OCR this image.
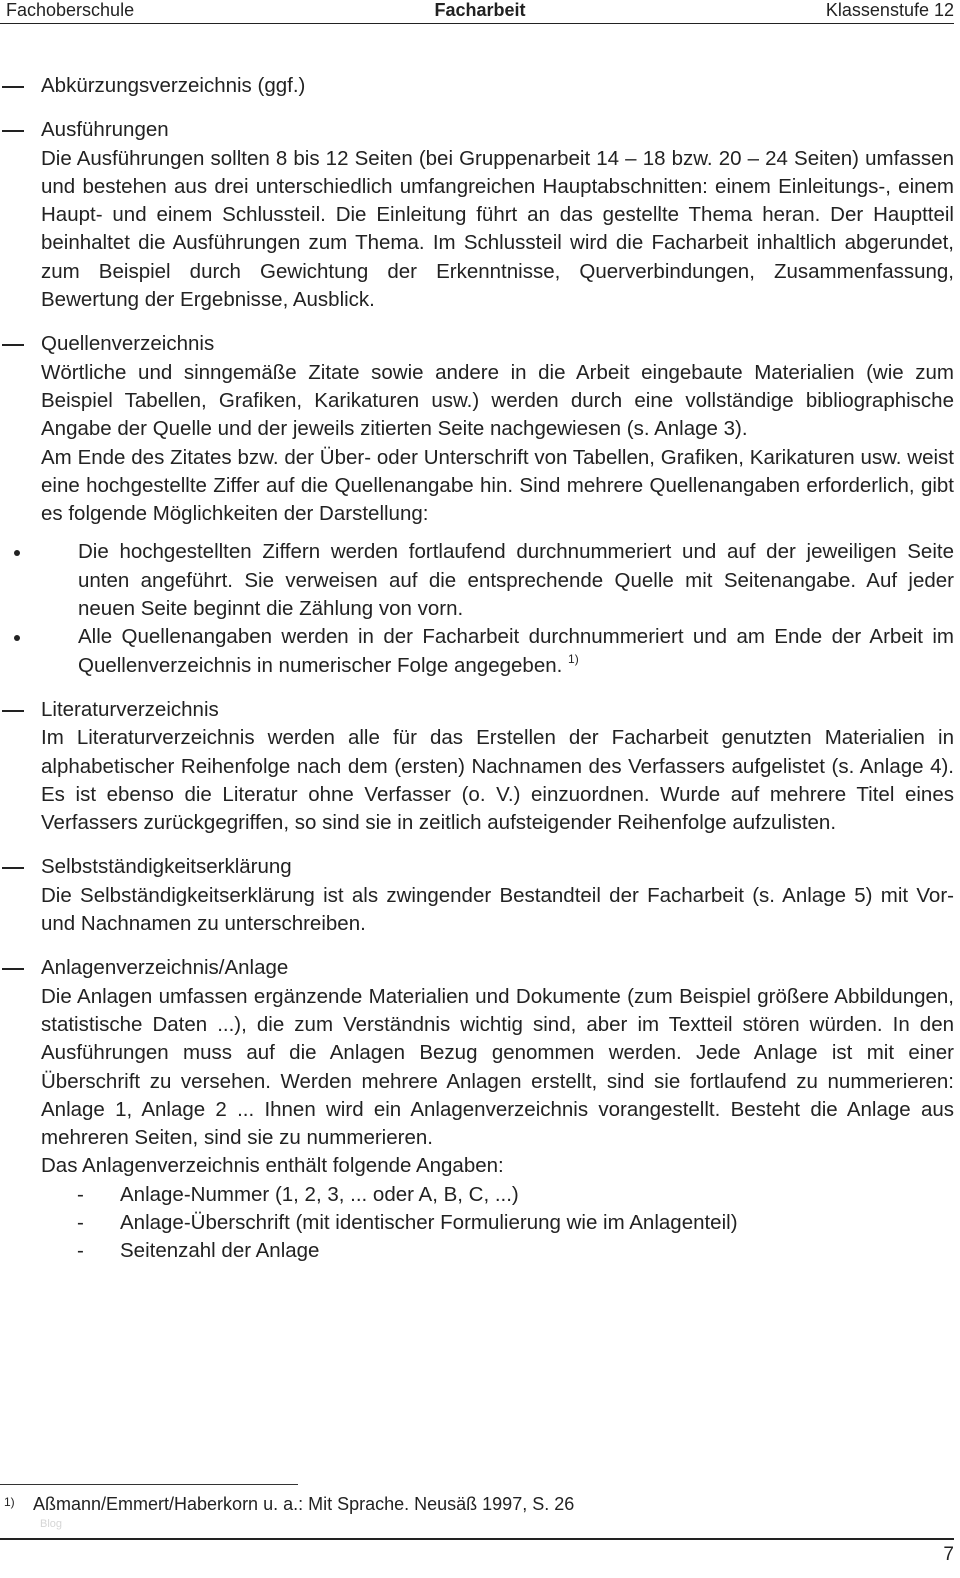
Fachoberschule	Facharbeit	Klassenstufe 12

Abkürzungsverzeichnis (ggf.)

Ausführungen

Die Ausführungen sollten 8 bis 12 Seiten (bei Gruppenarbeit 14 – 18 bzw. 20 – 24 Seiten) umfassen und bestehen aus drei unterschiedlich umfangreichen Hauptabschnitten: einem Einleitungs-, einem Haupt- und einem Schlussteil. Die Einleitung führt an das gestellte Thema heran. Der Hauptteil beinhaltet die Ausführungen zum Thema. Im Schlussteil wird die Facharbeit inhaltlich abgerundet, zum Beispiel durch Gewichtung der Erkenntnisse, Querverbindungen, Zusammenfassung, Bewertung der Ergebnisse, Ausblick.

Quellenverzeichnis

Wörtliche und sinngemäße Zitate sowie andere in die Arbeit eingebaute Materialien (wie zum Beispiel Tabellen, Grafiken, Karikaturen usw.) werden durch eine vollständige bibliographische Angabe der Quelle und der jeweils zitierten Seite nachgewiesen (s. Anlage 3).

Am Ende des Zitates bzw. der Über- oder Unterschrift von Tabellen, Grafiken, Karikaturen usw. weist eine hochgestellte Ziffer auf die Quellenangabe hin. Sind mehrere Quellenangaben erforderlich, gibt es folgende Möglichkeiten der Darstellung:

Die hochgestellten Ziffern werden fortlaufend durchnummeriert und auf der jeweiligen Seite unten angeführt. Sie verweisen auf die entsprechende Quelle mit Seitenangabe. Auf jeder neuen Seite beginnt die Zählung von vorn.
Alle Quellenangaben werden in der Facharbeit durchnummeriert und am Ende der Arbeit im Quellenverzeichnis in numerischer Folge angegeben. $^{1)}$

Literaturverzeichnis

Im Literaturverzeichnis werden alle für das Erstellen der Facharbeit genutzten Materialien in alphabetischer Reihenfolge nach dem (ersten) Nachnamen des Verfassers aufgelistet (s. Anlage 4). Es ist ebenso die Literatur ohne Verfasser (o. V.) einzuordnen. Wurde auf mehrere Titel eines Verfassers zurückgegriffen, so sind sie in zeitlich aufsteigender Reihenfolge aufzulisten.

Selbstständigkeitserklärung

Die Selbständigkeitserklärung ist als zwingender Bestandteil der Facharbeit (s. Anlage 5) mit Vor- und Nachnamen zu unterschreiben.

Anlagenverzeichnis/Anlage

Die Anlagen umfassen ergänzende Materialien und Dokumente (zum Beispiel größere Abbildungen, statistische Daten ...), die zum Verständnis wichtig sind, aber im Textteil stören würden. In den Ausführungen muss auf die Anlagen Bezug genommen werden. Jede Anlage ist mit einer Überschrift zu versehen. Werden mehrere Anlagen erstellt, sind sie fortlaufend zu nummerieren: Anlage 1, Anlage 2 ... Ihnen wird ein Anlagenverzeichnis vorangestellt. Besteht die Anlage aus mehreren Seiten, sind sie zu nummerieren.

Das Anlagenverzeichnis enthält folgende Angaben:

- Anlage-Nummer (1, 2, 3, ... oder A, B, C, ...)
- Anlage-Überschrift (mit identischer Formulierung wie im Anlagenteil)
- Seitenzahl der Anlage
1) Aßmann/Emmert/Haberkorn u. a.: Mit Sprache. Neusäß 1997, S. 26
Blog
7
